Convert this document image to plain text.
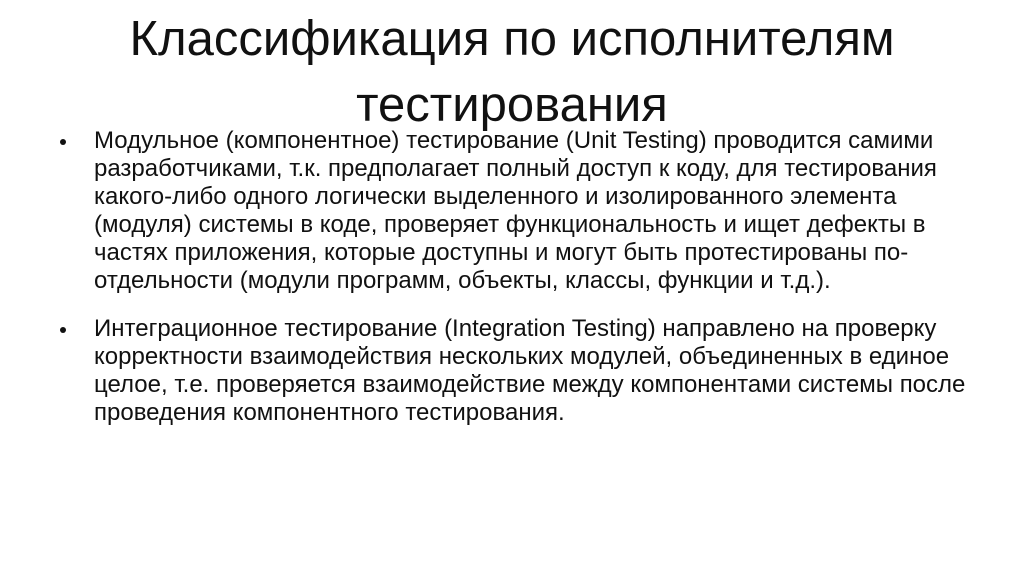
Классификация по исполнителям тестирования
Модульное (компонентное) тестирование (Unit Testing) проводится самими разработчиками, т.к. предполагает полный доступ к коду, для тестирования какого-либо одного логически выделенного и изолированного элемента (модуля) системы в коде, проверяет функциональность и ищет дефекты в частях приложения, которые доступны и могут быть протестированы по-отдельности (модули программ, объекты, классы, функции и т.д.).
Интеграционное тестирование (Integration Testing) направлено на проверку корректности взаимодействия нескольких модулей, объединенных в единое целое, т.е. проверяется взаимодействие между компонентами системы после проведения компонентного тестирования.
